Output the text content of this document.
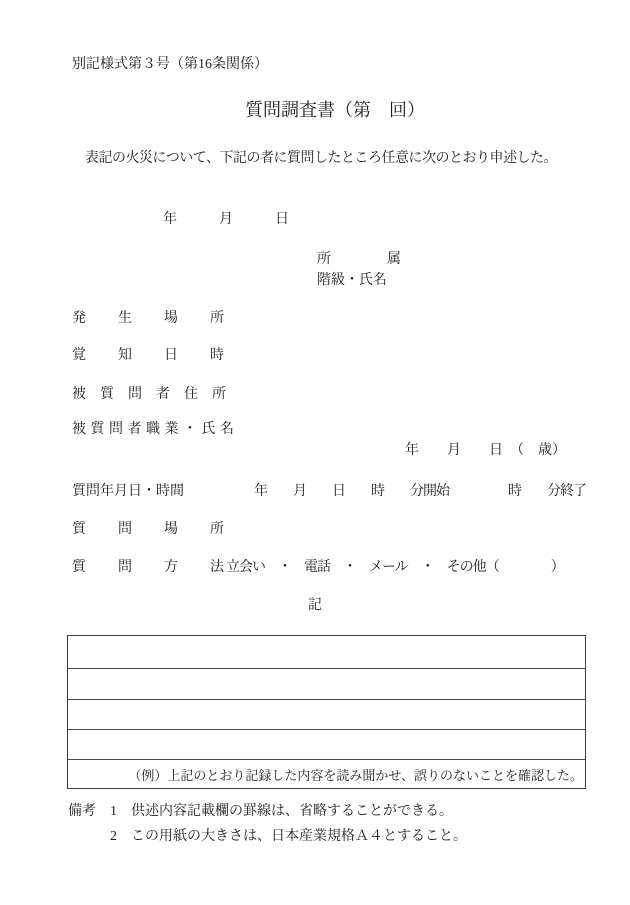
別記様式第３号（第16条関係）
質問調査書（第　回）
表記の火災について、下記の者に質問したところ任意に次のとおり申述した。
年　　　月　　　日
所　　　　属
階級・氏名
発　生　場　所
覚　知　日　時
被　質　問　者　住　所
被質問者職業・氏名
年　　月　　日　（　歳）
質問年月日・時間	年　　月　　日　　時　　分開始	時　　分終了
質　問　場　所
質　問　方　法
立会い　・　電話　・　メール　・　その他（　　　　）
記
（例）上記のとおり記録した内容を読み聞かせ、誤りのないことを確認した。
備考 1 供述内容記載欄の罫線は、省略することができる。
2 この用紙の大きさは、日本産業規格Ａ４とすること。
